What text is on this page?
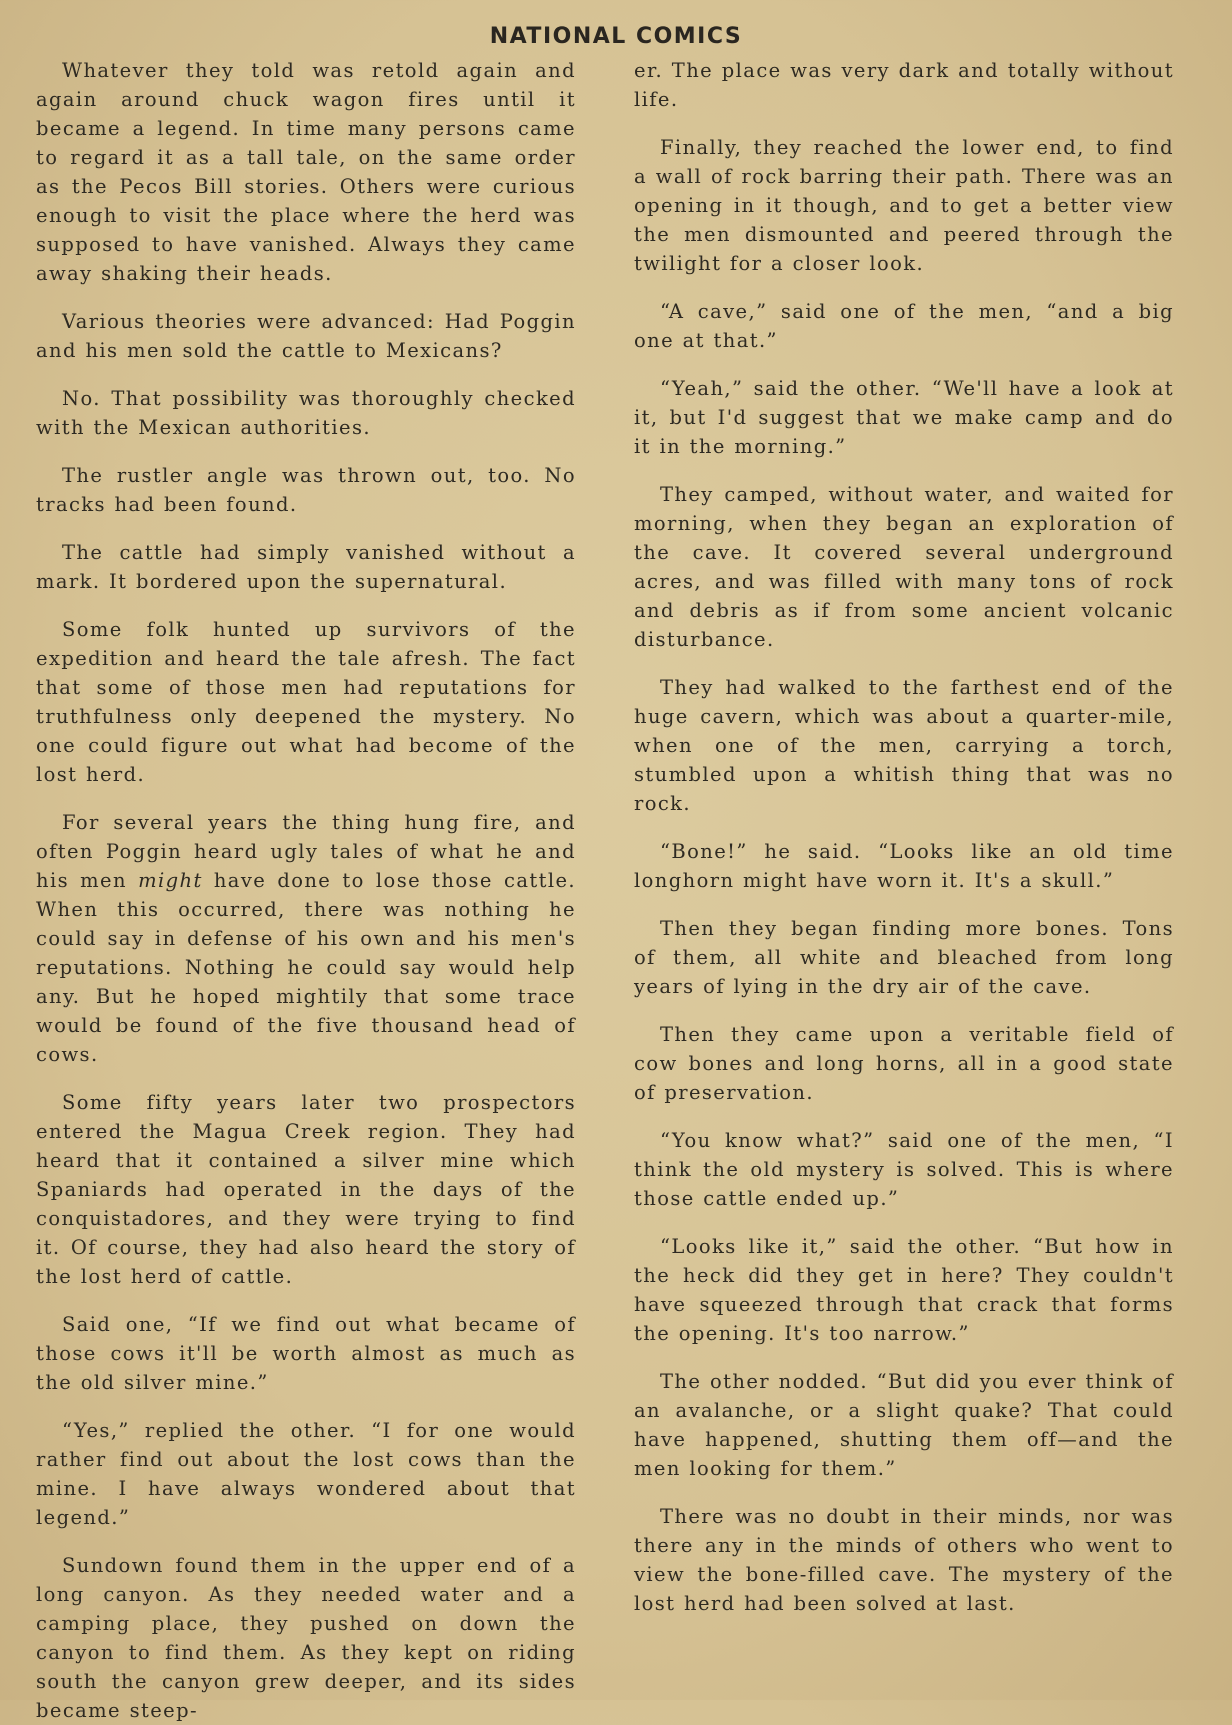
NATIONAL COMICS

Whatever they told was retold again and again around chuck wagon fires until it became a legend. In time many persons came to regard it as a tall tale, on the same order as the Pecos Bill stories. Others were curious enough to visit the place where the herd was supposed to have vanished. Always they came away shaking their heads.

Various theories were advanced: Had Poggin and his men sold the cattle to Mexicans?

No. That possibility was thoroughly checked with the Mexican authorities.

The rustler angle was thrown out, too. No tracks had been found.

The cattle had simply vanished without a mark. It bordered upon the supernatural.

Some folk hunted up survivors of the expedition and heard the tale afresh. The fact that some of those men had reputations for truthfulness only deepened the mystery. No one could figure out what had become of the lost herd.

For several years the thing hung fire, and often Poggin heard ugly tales of what he and his men might have done to lose those cattle. When this occurred, there was nothing he could say in defense of his own and his men's reputations. Nothing he could say would help any. But he hoped mightily that some trace would be found of the five thousand head of cows.

Some fifty years later two prospectors entered the Magua Creek region. They had heard that it contained a silver mine which Spaniards had operated in the days of the conquistadores, and they were trying to find it. Of course, they had also heard the story of the lost herd of cattle.

Said one, “If we find out what became of those cows it'll be worth almost as much as the old silver mine.”

“Yes,” replied the other. “I for one would rather find out about the lost cows than the mine. I have always wondered about that legend.”

Sundown found them in the upper end of a long canyon. As they needed water and a camping place, they pushed on down the canyon to find them. As they kept on riding south the canyon grew deeper, and its sides became steep-

er. The place was very dark and totally without life.

Finally, they reached the lower end, to find a wall of rock barring their path. There was an opening in it though, and to get a better view the men dismounted and peered through the twilight for a closer look.

“A cave,” said one of the men, “and a big one at that.”

“Yeah,” said the other. “We'll have a look at it, but I'd suggest that we make camp and do it in the morning.”

They camped, without water, and waited for morning, when they began an exploration of the cave. It covered several underground acres, and was filled with many tons of rock and debris as if from some ancient volcanic disturbance.

They had walked to the farthest end of the huge cavern, which was about a quarter-mile, when one of the men, carrying a torch, stumbled upon a whitish thing that was no rock.

“Bone!” he said. “Looks like an old time longhorn might have worn it. It's a skull.”

Then they began finding more bones. Tons of them, all white and bleached from long years of lying in the dry air of the cave.

Then they came upon a veritable field of cow bones and long horns, all in a good state of preservation.

“You know what?” said one of the men, “I think the old mystery is solved. This is where those cattle ended up.”

“Looks like it,” said the other. “But how in the heck did they get in here? They couldn't have squeezed through that crack that forms the opening. It's too narrow.”

The other nodded. “But did you ever think of an avalanche, or a slight quake? That could have happened, shutting them off—and the men looking for them.”

There was no doubt in their minds, nor was there any in the minds of others who went to view the bone-filled cave. The mystery of the lost herd had been solved at last.
